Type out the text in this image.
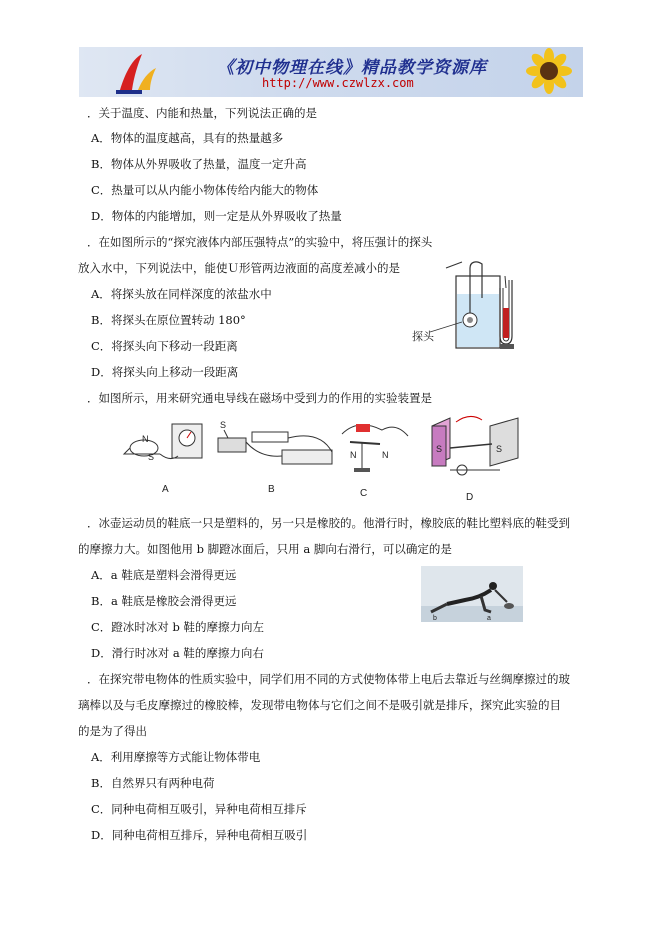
《初中物理在线》精品教学资源库
http://www.czwlzx.com
．关于温度、内能和热量，下列说法正确的是
A．物体的温度越高，具有的热量越多
B．物体从外界吸收了热量，温度一定升高
C．热量可以从内能小物体传给内能大的物体
D．物体的内能增加，则一定是从外界吸收了热量
．在如图所示的“探究液体内部压强特点”的实验中，将压强计的探头
放入水中，下列说法中，能使Ｕ形管两边液面的高度差减小的是
A．将探头放在同样深度的浓盐水中
B．将探头在原位置转动 180°
C．将探头向下移动一段距离
D．将探头向上移动一段距离
探头
．如图所示，用来研究通电导线在磁场中受到力的作用的实验装置是
N
S
A
S
B
N	N
C
S	S
D
．冰壶运动员的鞋底一只是塑料的，另一只是橡胶的。他滑行时，橡胶底的鞋比塑料底的鞋受到
的摩擦力大。如图他用 b 脚蹬冰面后，只用 a 脚向右滑行，可以确定的是
A．a 鞋底是塑料会滑得更远
B．a 鞋底是橡胶会滑得更远
C．蹬冰时冰对 b 鞋的摩擦力向左
D．滑行时冰对 a 鞋的摩擦力向右
b	a
．在探究带电物体的性质实验中，同学们用不同的方式使物体带上电后去靠近与丝绸摩擦过的玻
璃棒以及与毛皮摩擦过的橡胶棒，发现带电物体与它们之间不是吸引就是排斥，探究此实验的目
的是为了得出
A．利用摩擦等方式能让物体带电
B．自然界只有两种电荷
C．同种电荷相互吸引，异种电荷相互排斥
D．同种电荷相互排斥，异种电荷相互吸引
